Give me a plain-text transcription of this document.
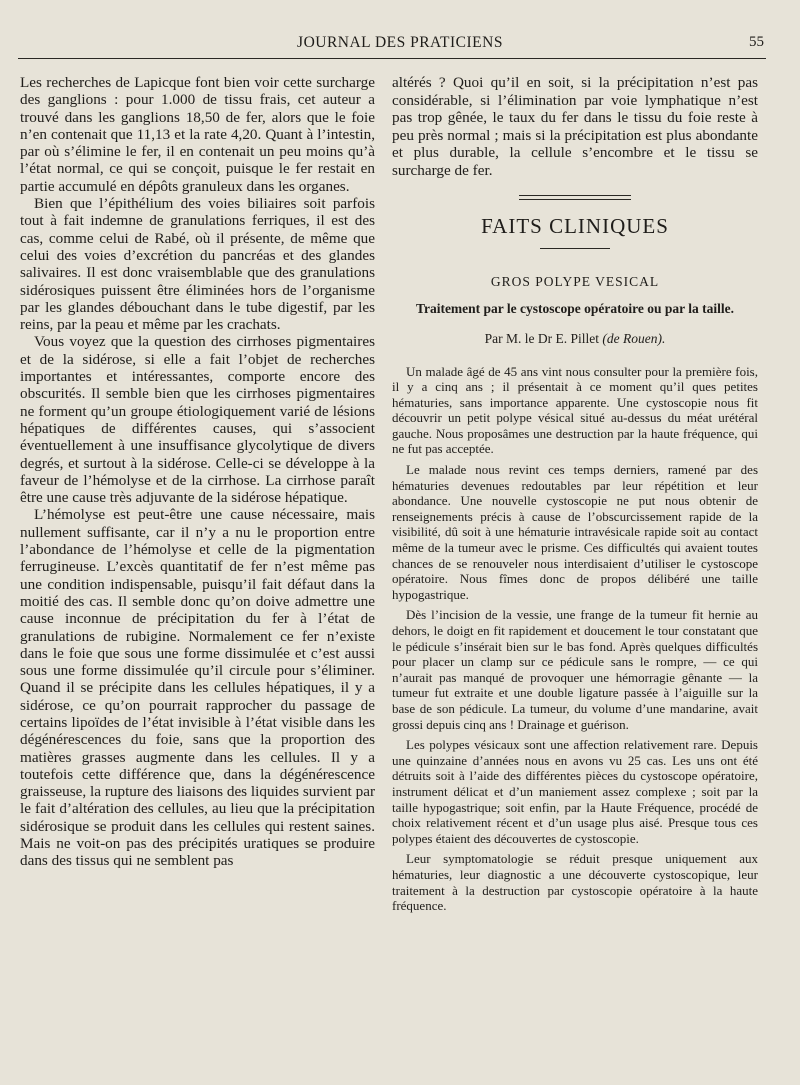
JOURNAL DES PRATICIENS	55

Les recherches de Lapicque font bien voir cette surcharge des ganglions : pour 1.000 de tissu frais, cet auteur a trouvé dans les ganglions 18,50 de fer, alors que le foie n’en contenait que 11,13 et la rate 4,20. Quant à l’intestin, par où s’élimine le fer, il en contenait un peu moins qu’à l’état normal, ce qui se conçoit, puisque le fer restait en partie accumulé en dépôts granuleux dans les organes.

Bien que l’épithélium des voies biliaires soit parfois tout à fait indemne de granulations ferriques, il est des cas, comme celui de Rabé, où il présente, de même que celui des voies d’excrétion du pancréas et des glandes salivaires. Il est donc vraisemblable que des granulations sidérosiques puissent être éliminées hors de l’organisme par les glandes débouchant dans le tube digestif, par les reins, par la peau et même par les crachats.

Vous voyez que la question des cirrhoses pigmentaires et de la sidérose, si elle a fait l’objet de recherches importantes et intéressantes, comporte encore des obscurités. Il semble bien que les cirrhoses pigmentaires ne forment qu’un groupe étiologiquement varié de lésions hépatiques de différentes causes, qui s’associent éventuellement à une insuffisance glycolytique de divers degrés, et surtout à la sidérose. Celle-ci se développe à la faveur de l’hémolyse et de la cirrhose. La cirrhose paraît être une cause très adjuvante de la sidérose hépatique.

L’hémolyse est peut-être une cause nécessaire, mais nullement suffisante, car il n’y a nu le proportion entre l’abondance de l’hémolyse et celle de la pigmentation ferrugineuse. L’excès quantitatif de fer n’est même pas une condition indispensable, puisqu’il fait défaut dans la moitié des cas. Il semble donc qu’on doive admettre une cause inconnue de précipitation du fer à l’état de granulations de rubigine. Normalement ce fer n’existe dans le foie que sous une forme dissimulée et c’est aussi sous une forme dissimulée qu’il circule pour s’éliminer. Quand il se précipite dans les cellules hépatiques, il y a sidérose, ce qu’on pourrait rapprocher du passage de certains lipoïdes de l’état invisible à l’état visible dans les dégénérescences du foie, sans que la proportion des matières grasses augmente dans les cellules. Il y a toutefois cette différence que, dans la dégénérescence graisseuse, la rupture des liaisons des liquides survient par le fait d’altération des cellules, au lieu que la précipitation sidérosique se produit dans les cellules qui restent saines. Mais ne voit-on pas des précipités uratiques se produire dans des tissus qui ne semblent pas

altérés ? Quoi qu’il en soit, si la précipitation n’est pas considérable, si l’élimination par voie lymphatique n’est pas trop gênée, le taux du fer dans le tissu du foie reste à peu près normal ; mais si la précipitation est plus abondante et plus durable, la cellule s’encombre et le tissu se surcharge de fer.

FAITS CLINIQUES
GROS POLYPE VESICAL
Traitement par le cystoscope opératoire ou par la taille.
Par M. le Dr E. Pillet (de Rouen).

Un malade âgé de 45 ans vint nous consulter pour la première fois, il y a cinq ans ; il présentait à ce moment qu’il ques petites hématuries, sans importance apparente. Une cystoscopie nous fit découvrir un petit polype vésical situé au-dessus du méat urétéral gauche. Nous proposâmes une destruction par la haute fréquence, qui ne fut pas acceptée.

Le malade nous revint ces temps derniers, ramené par des hématuries devenues redoutables par leur répétition et leur abondance. Une nouvelle cystoscopie ne put nous obtenir de renseignements précis à cause de l’obscurcissement rapide de la visibilité, dû soit à une hématurie intravésicale rapide soit au contact même de la tumeur avec le prisme. Ces difficultés qui avaient toutes chances de se renouveler nous interdisaient d’utiliser le cystoscope opératoire. Nous fîmes donc de propos délibéré une taille hypogastrique.

Dès l’incision de la vessie, une frange de la tumeur fit hernie au dehors, le doigt en fit rapidement et doucement le tour constatant que le pédicule s’insérait bien sur le bas fond. Après quelques difficultés pour placer un clamp sur ce pédicule sans le rompre, — ce qui n’aurait pas manqué de provoquer une hémorragie gênante — la tumeur fut extraite et une double ligature passée à l’aiguille sur la base de son pédicule. La tumeur, du volume d’une mandarine, avait grossi depuis cinq ans ! Drainage et guérison.

Les polypes vésicaux sont une affection relativement rare. Depuis une quinzaine d’années nous en avons vu 25 cas. Les uns ont été détruits soit à l’aide des différentes pièces du cystoscope opératoire, instrument délicat et d’un maniement assez complexe ; soit par la taille hypogastrique; soit enfin, par la Haute Fréquence, procédé de choix relativement récent et d’un usage plus aisé. Presque tous ces polypes étaient des découvertes de cystoscopie.

Leur symptomatologie se réduit presque uniquement aux hématuries, leur diagnostic a une découverte cystoscopique, leur traitement à la destruction par cystoscopie opératoire à la haute fréquence.
